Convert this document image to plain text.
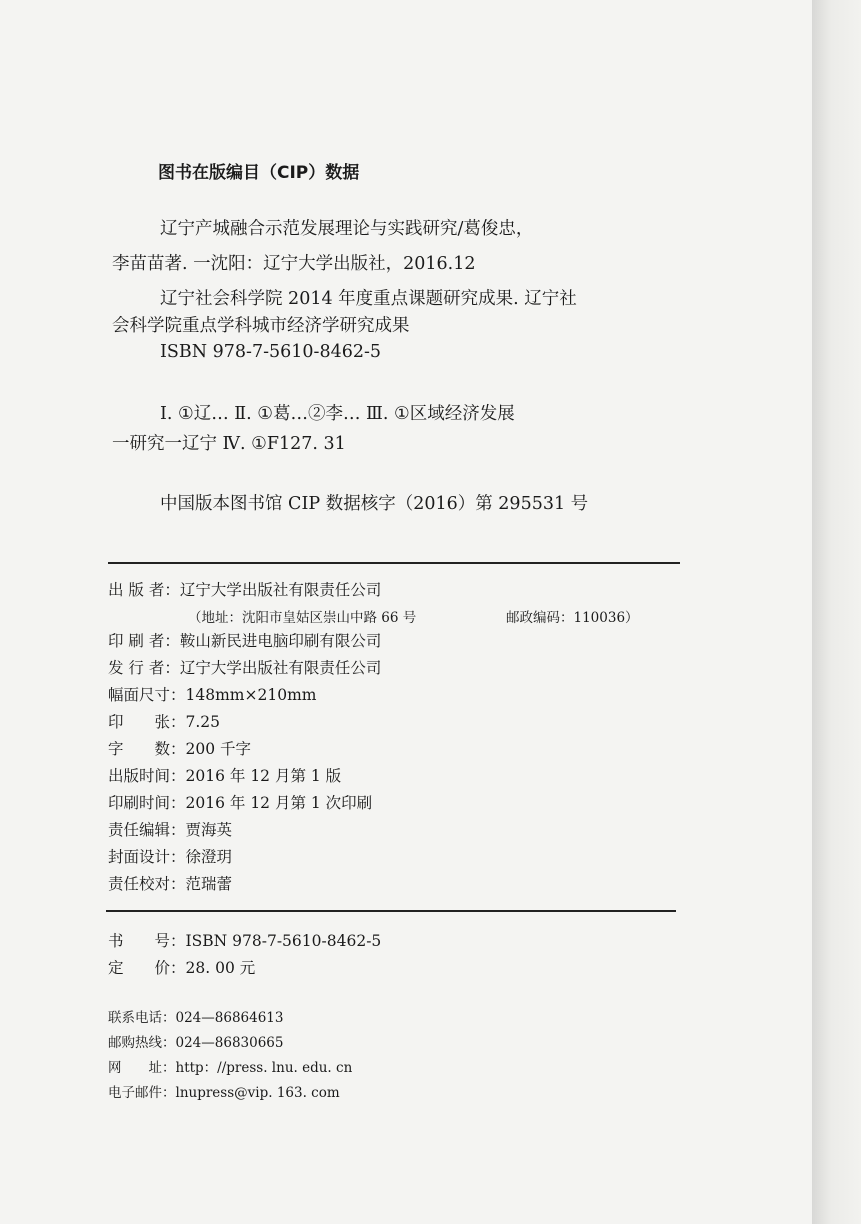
图书在版编目（CIP）数据
辽宁产城融合示范发展理论与实践研究/葛俊忠，
李苗苗著. 一沈阳：辽宁大学出版社，2016.12
辽宁社会科学院 2014 年度重点课题研究成果. 辽宁社
会科学院重点学科城市经济学研究成果
ISBN 978-7-5610-8462-5
Ⅰ. ①辽… Ⅱ. ①葛…②李… Ⅲ. ①区域经济发展
一研究一辽宁 Ⅳ. ①F127. 31
中国版本图书馆 CIP 数据核字（2016）第 295531 号
出 版 者：辽宁大学出版社有限责任公司
（地址：沈阳市皇姑区崇山中路 66 号	邮政编码：110036）
印 刷 者：鞍山新民进电脑印刷有限公司
发 行 者：辽宁大学出版社有限责任公司
幅面尺寸：148mm×210mm
印　　张：7.25
字　　数：200 千字
出版时间：2016 年 12 月第 1 版
印刷时间：2016 年 12 月第 1 次印刷
责任编辑：贾海英
封面设计：徐澄玥
责任校对：范瑞蕾
书　　号：ISBN 978-7-5610-8462-5
定　　价：28. 00 元
联系电话：024—86864613
邮购热线：024—86830665
网　　址：http：//press. lnu. edu. cn
电子邮件：lnupress@vip. 163. com
